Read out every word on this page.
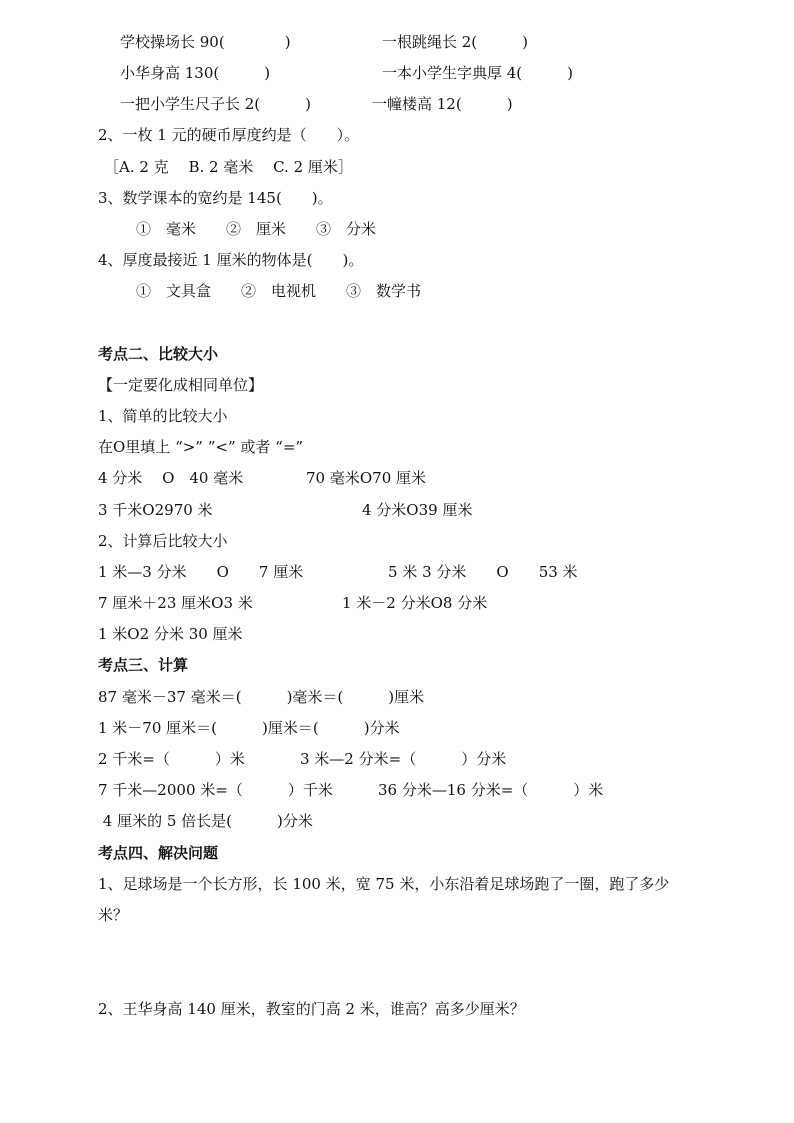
学校操场长 90(　　　　)	一根跳绳长 2(　　　)
小华身高 130(　　　)	一本小学生字典厚 4(　　　)
一把小学生尺子长 2(　　　)	一幢楼高 12(　　　)
2、一枚 1 元的硬币厚度约是（　　）。
［A. 2 克　 B. 2 毫米　 C. 2 厘米］
3、数学课本的宽约是 145(　　)。
①　毫米　　②　厘米　　③　分米
4、厚度最接近 1 厘米的物体是(　　)。
①　文具盒　　②　电视机　　③　数学书
考点二、比较大小
【一定要化成相同单位】
1、简单的比较大小
在O里填上 “>” ”<” 或者 “=”
4 分米　 O　40 毫米	70 毫米O70 厘米
3 千米O2970 米	4 分米O39 厘米
2、计算后比较大小
1 米—3 分米　　O　　7 厘米	5 米 3 分米　　O　　53 米
7 厘米＋23 厘米O3 米	1 米－2 分米O8 分米
1 米O2 分米 30 厘米
考点三、计算
87 毫米－37 毫米＝(　　　)毫米＝(　　　)厘米
1 米－70 厘米＝(　　　)厘米＝(　　　)分米
2 千米=（　　　）米	3 米—2 分米=（　　　）分米
7 千米—2000 米=（　　　）千米	36 分米—16 分米=（　　　）米
4 厘米的 5 倍长是(　　　)分米
考点四、解决问题
1、足球场是一个长方形，长 100 米，宽 75 米，小东沿着足球场跑了一圈，跑了多少
米？
2、王华身高 140 厘米，教室的门高 2 米，谁高？高多少厘米？
